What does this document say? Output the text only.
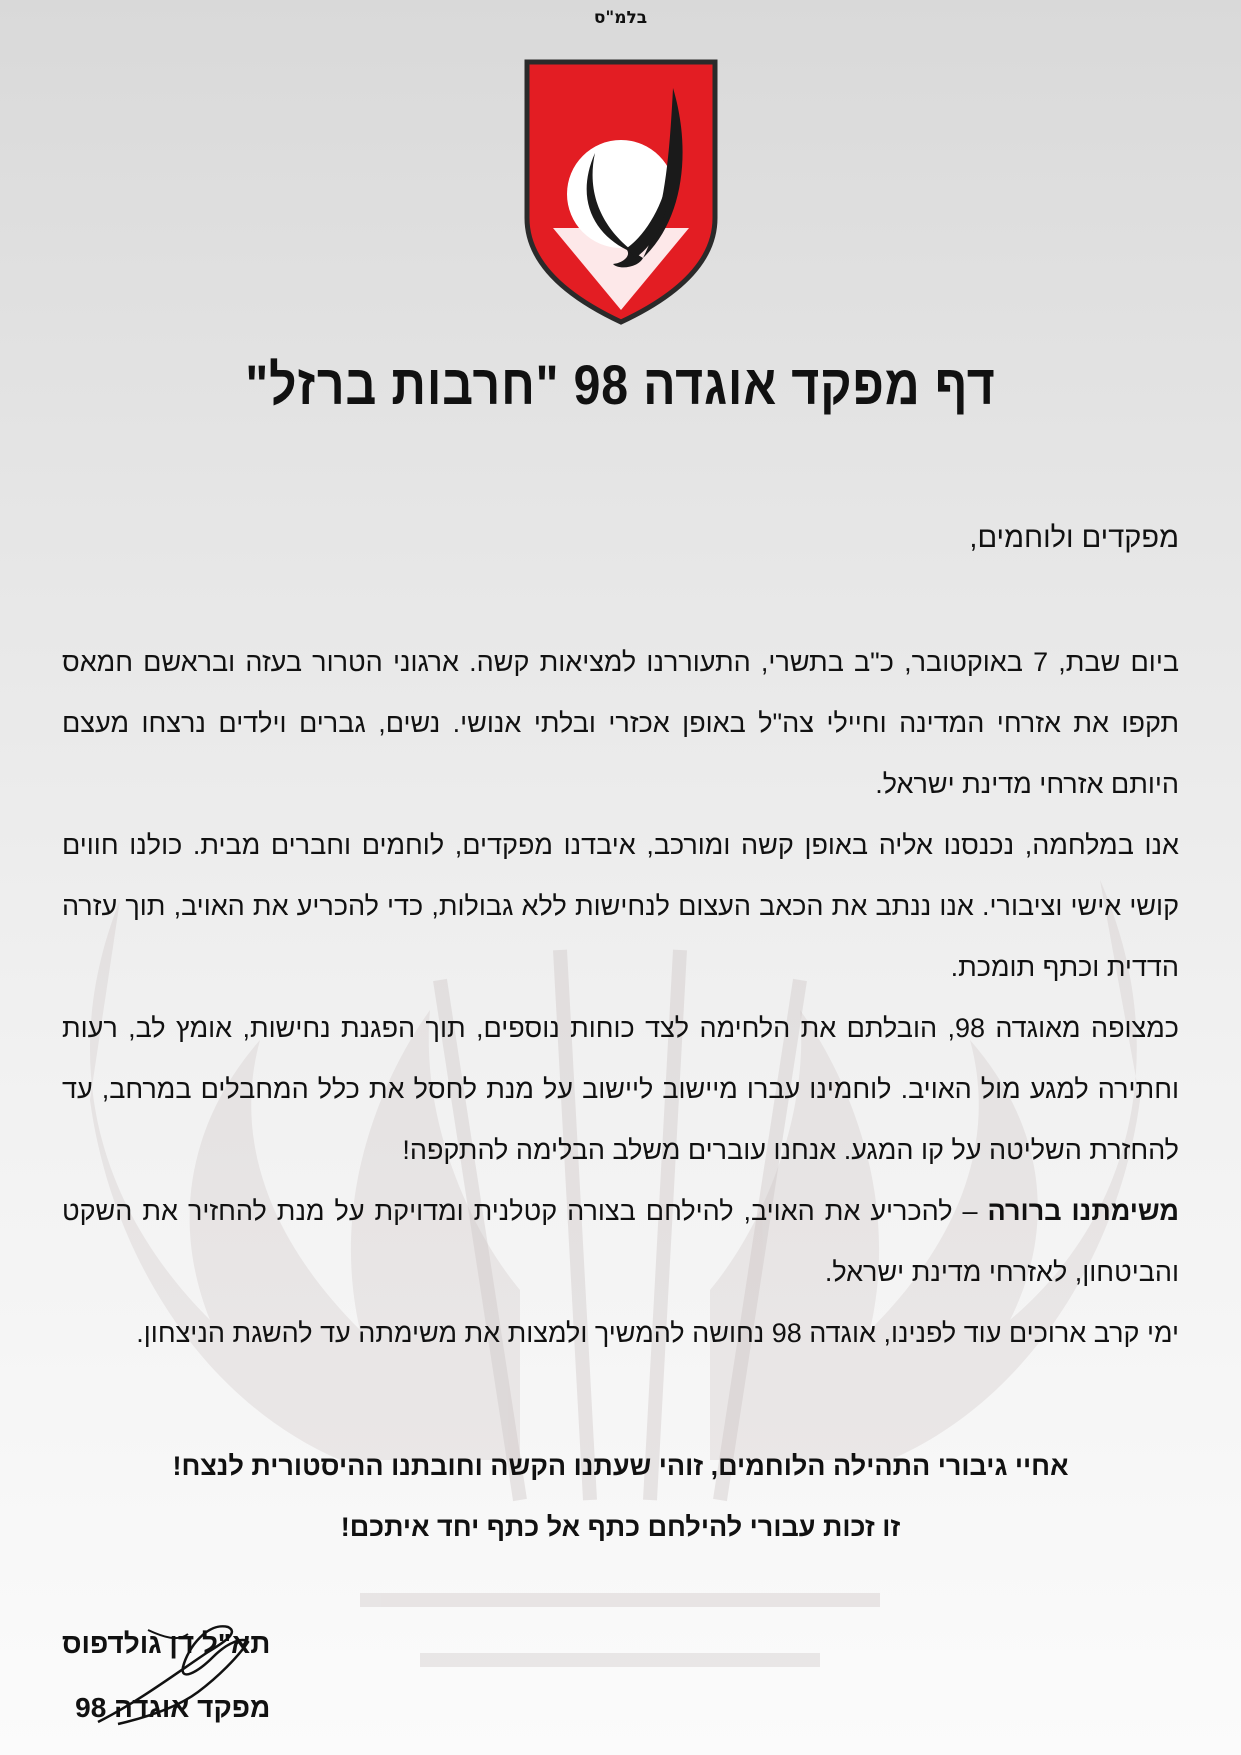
בלמ"ס
דף מפקד אוגדה 98 "חרבות ברזל"
מפקדים ולוחמים,

ביום שבת, 7 באוקטובר, כ"ב בתשרי, התעוררנו למציאות קשה. ארגוני הטרור בעזה ובראשם חמאס תקפו את אזרחי המדינה וחיילי צה"ל באופן אכזרי ובלתי אנושי. נשים, גברים וילדים נרצחו מעצם היותם אזרחי מדינת ישראל.

אנו במלחמה, נכנסנו אליה באופן קשה ומורכב, איבדנו מפקדים, לוחמים וחברים מבית. כולנו חווים קושי אישי וציבורי. אנו ננתב את הכאב העצום לנחישות ללא גבולות, כדי להכריע את האויב, תוך עזרה הדדית וכתף תומכת.

כמצופה מאוגדה 98, הובלתם את הלחימה לצד כוחות נוספים, תוך הפגנת נחישות, אומץ לב, רעות וחתירה למגע מול האויב. לוחמינו עברו מיישוב ליישוב על מנת לחסל את כלל המחבלים במרחב, עד להחזרת השליטה על קו המגע. אנחנו עוברים משלב הבלימה להתקפה!

משימתנו ברורה – להכריע את האויב, להילחם בצורה קטלנית ומדויקת על מנת להחזיר את השקט והביטחון, לאזרחי מדינת ישראל.

ימי קרב ארוכים עוד לפנינו, אוגדה 98 נחושה להמשיך ולמצות את משימתה עד להשגת הניצחון.

אחיי גיבורי התהילה הלוחמים, זוהי שעתנו הקשה וחובתנו ההיסטורית לנצח!

זו זכות עבורי להילחם כתף אל כתף יחד איתכם!

תא"ל דן גולדפוס

מפקד אוגדה 98
